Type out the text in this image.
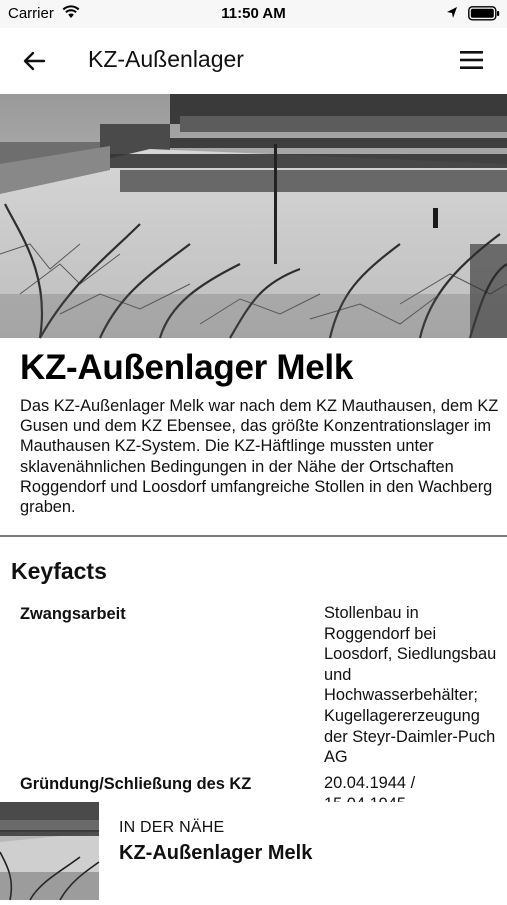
Carrier	11:50 AM
KZ-Außenlager
KZ-Außenlager Melk

Das KZ-Außenlager Melk war nach dem KZ Mauthausen, dem KZ Gusen und dem KZ Ebensee, das größte Konzentrationslager im Mauthausen KZ-System. Die KZ-Häftlinge mussten unter sklavenähnlichen Bedingungen in der Nähe der Ortschaften Roggendorf und Loosdorf umfangreiche Stollen in den Wachberg graben.

Keyfacts
Zwangsarbeit	Stollenbau in Roggendorf bei Loosdorf, Siedlungsbau und Hochwasserbehälter; Kugellagererzeugung der Steyr-Daimler-Puch AG
Gründung/Schließung des KZ	20.04.1944 /
IN DER NÄHE
KZ-Außenlager Melk
